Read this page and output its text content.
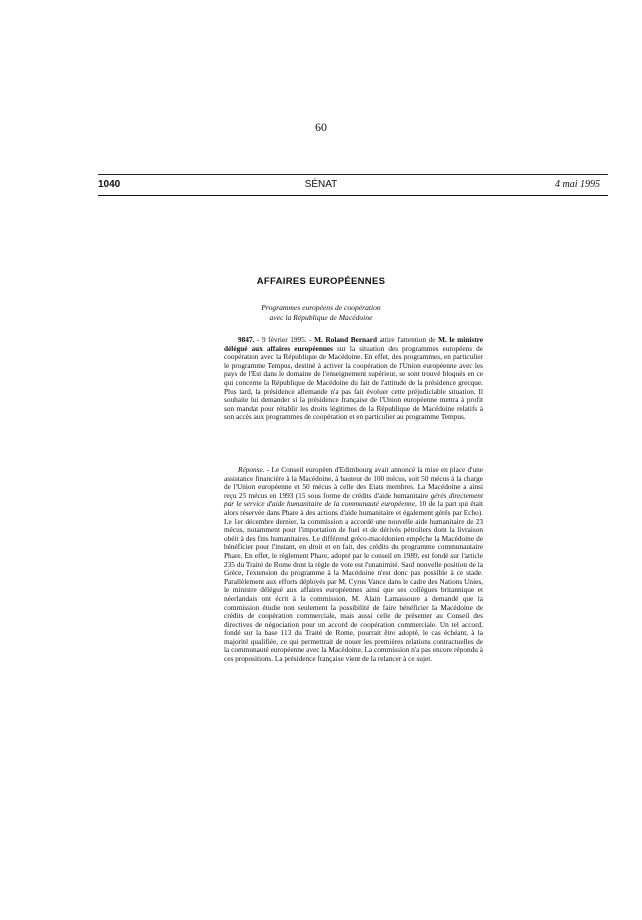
60
1040	SÉNAT	4 mai 1995
AFFAIRES EUROPÉENNES
Programmes européens de coopération
avec la République de Macédoine

9847. - 9 février 1995. - M. Roland Bernard attire l'attention de M. le ministre délégué aux affaires européennes sur la situation des programmes européens de coopération avec la République de Macédoine. En effet, des programmes, en particulier le programme Tempus, destiné à activer la coopération de l'Union européenne avec les pays de l'Est dans le domaine de l'enseignement supérieur, se sont trouvé bloqués en ce qui concerne la République de Macédoine du fait de l'attitude de la présidence grecque. Plus tard, la présidence allemande n'a pas fait évoluer cette préjudiciable situation. Il souhaite lui demander si la présidence française de l'Union européenne mettra à profit son mandat pour rétablir les droits légitimes de la République de Macédoine relatifs à son accès aux programmes de coopération et en particulier au programme Tempus.

Réponse. - Le Conseil européen d'Edimbourg avait annoncé la mise en place d'une assistance financière à la Macédoine, à hauteur de 100 mécus, soit 50 mécus à la charge de l'Union européenne et 50 mécus à celle des Etats membres. La Macédoine a ainsi reçu 25 mécus en 1993 (15 sous forme de crédits d'aide humanitaire gérés directement par le service d'aide humanitaire de la communauté européenne, 10 de la part qui était alors réservée dans Phare à des actions d'aide humanitaire et également gérés par Echo). Le 1er décembre dernier, la commission a accordé une nouvelle aide humanitaire de 23 mécus, notamment pour l'importation de fuel et de dérivés pétroliers dont la livraison obéit à des fins humanitaires. Le différend gréco-macédonien empêche la Macédoine de bénéficier pour l'instant, en droit et en fait, des crédits du programme communautaire Phare. En effet, le règlement Phare, adopté par le conseil en 1989, est fondé sur l'article 235 du Traité de Rome dont la règle de vote est l'unanimité. Sauf nouvelle position de la Grèce, l'extension du programme à la Macédoine n'est donc pas possible à ce stade. Parallèlement aux efforts déployés par M. Cyrus Vance dans le cadre des Nations Unies, le ministre délégué aux affaires européennes ainsi que ses collègues britannique et néerlandais ont écrit à la commission. M. Alain Lamassoure a demandé que la commission étudie non seulement la possibilité de faire bénéficier la Macédoine de crédits de coopération commerciale, mais aussi celle de présenter au Conseil des directives de négociation pour un accord de coopération commerciale. Un tel accord, fondé sur la base 113 du Traité de Rome, pourrait être adopté, le cas échéant, à la majorité qualifiée, ce qui permettrait de nouer les premières relations contractuelles de la communauté européenne avec la Macédoine. La commission n'a pas encore répondu à ces propositions. La présidence française vient de la relancer à ce sujet.
